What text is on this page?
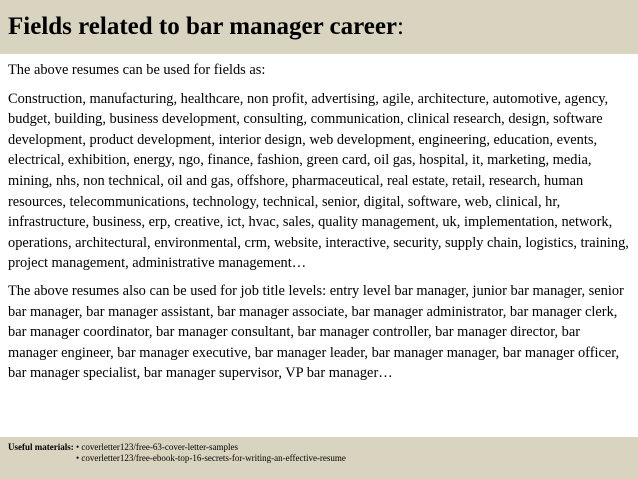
Fields related to bar manager career:

The above resumes can be used for fields as:

Construction, manufacturing, healthcare, non profit, advertising, agile, architecture, automotive, agency, budget, building, business development, consulting, communication, clinical research, design, software development, product development, interior design, web development, engineering, education, events, electrical, exhibition, energy, ngo, finance, fashion, green card, oil gas, hospital, it, marketing, media, mining, nhs, non technical, oil and gas, offshore, pharmaceutical, real estate, retail, research, human resources, telecommunications, technology, technical, senior, digital, software, web, clinical, hr, infrastructure, business, erp, creative, ict, hvac, sales, quality management, uk, implementation, network, operations, architectural, environmental, crm, website, interactive, security, supply chain, logistics, training, project management, administrative management…

The above resumes also can be used for job title levels: entry level bar manager, junior bar manager, senior bar manager, bar manager assistant, bar manager associate, bar manager administrator, bar manager clerk, bar manager coordinator, bar manager consultant, bar manager controller, bar manager director, bar manager engineer, bar manager executive, bar manager leader, bar manager manager, bar manager officer, bar manager specialist, bar manager supervisor, VP bar manager…

Useful materials: • coverletter123/free-63-cover-letter-samples
• coverletter123/free-ebook-top-16-secrets-for-writing-an-effective-resume
